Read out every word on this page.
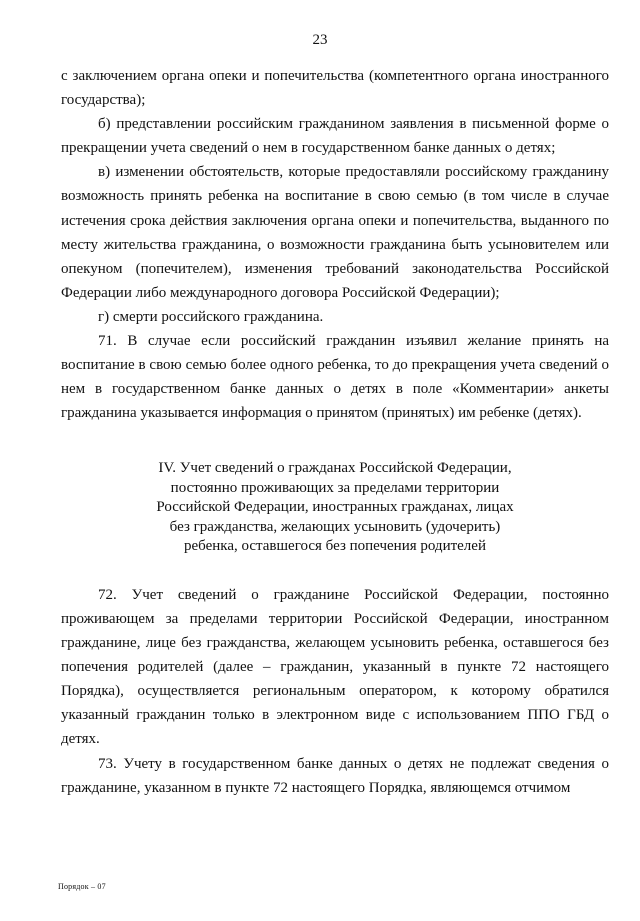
23

с заключением органа опеки и попечительства (компетентного органа иностранного государства);

б) представлении российским гражданином заявления в письменной форме о прекращении учета сведений о нем в государственном банке данных о детях;

в) изменении обстоятельств, которые предоставляли российскому гражданину возможность принять ребенка на воспитание в свою семью (в том числе в случае истечения срока действия заключения органа опеки и попечительства, выданного по месту жительства гражданина, о возможности гражданина быть усыновителем или опекуном (попечителем), изменения требований законодательства Российской Федерации либо международного договора Российской Федерации);

г) смерти российского гражданина.

71. В случае если российский гражданин изъявил желание принять на воспитание в свою семью более одного ребенка, то до прекращения учета сведений о нем в государственном банке данных о детях в поле «Комментарии» анкеты гражданина указывается информация о принятом (принятых) им ребенке (детях).

IV. Учет сведений о гражданах Российской Федерации,
постоянно проживающих за пределами территории
Российской Федерации, иностранных гражданах, лицах
без гражданства, желающих усыновить (удочерить)
ребенка, оставшегося без попечения родителей

72. Учет сведений о гражданине Российской Федерации, постоянно проживающем за пределами территории Российской Федерации, иностранном гражданине, лице без гражданства, желающем усыновить ребенка, оставшегося без попечения родителей (далее – гражданин, указанный в пункте 72 настоящего Порядка), осуществляется региональным оператором, к которому обратился указанный гражданин только в электронном виде с использованием ППО ГБД о детях.

73. Учету в государственном банке данных о детях не подлежат сведения о гражданине, указанном в пункте 72 настоящего Порядка, являющемся отчимом

Порядок – 07
